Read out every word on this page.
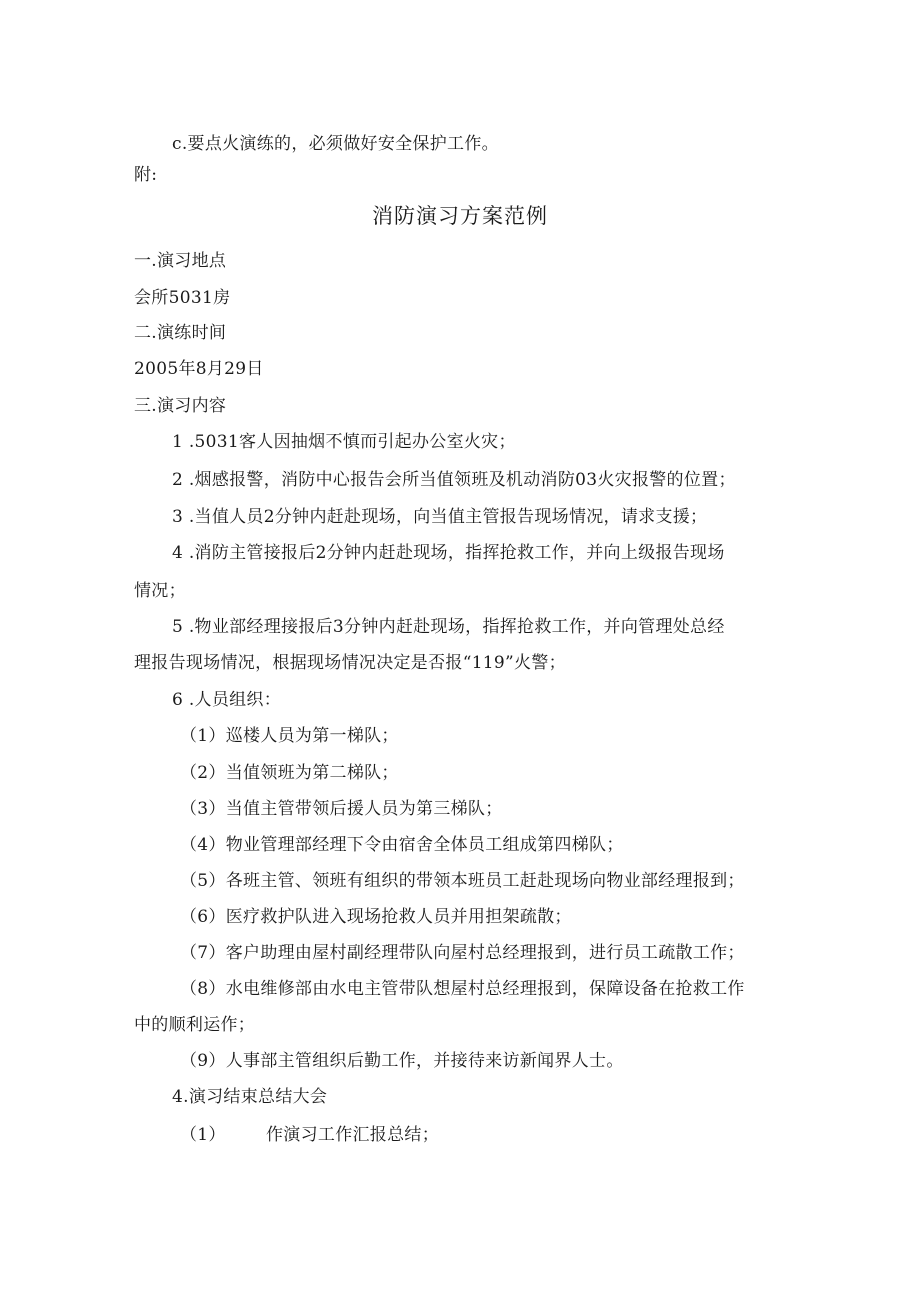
c.要点火演练的，必须做好安全保护工作。
附:
消防演习方案范例
一.演习地点
会所5031房
二.演练时间
2005年8月29日
三.演习内容
1 .5031客人因抽烟不慎而引起办公室火灾；
2 .烟感报警，消防中心报告会所当值领班及机动消防03火灾报警的位置；
3 .当值人员2分钟内赶赴现场，向当值主管报告现场情况，请求支援；
4 .消防主管接报后2分钟内赶赴现场，指挥抢救工作，并向上级报告现场
情况；
5 .物业部经理接报后3分钟内赶赴现场，指挥抢救工作，并向管理处总经
理报告现场情况，根据现场情况决定是否报“119”火警；
6 .人员组织：
（1）巡楼人员为第一梯队；
（2）当值领班为第二梯队；
（3）当值主管带领后援人员为第三梯队；
（4）物业管理部经理下令由宿舍全体员工组成第四梯队；
（5）各班主管、领班有组织的带领本班员工赶赴现场向物业部经理报到；
（6）医疗救护队进入现场抢救人员并用担架疏散；
（7）客户助理由屋村副经理带队向屋村总经理报到，进行员工疏散工作；
（8）水电维修部由水电主管带队想屋村总经理报到，保障设备在抢救工作
中的顺利运作；
（9）人事部主管组织后勤工作，并接待来访新闻界人士。
4.演习结束总结大会
（1） 作演习工作汇报总结；
